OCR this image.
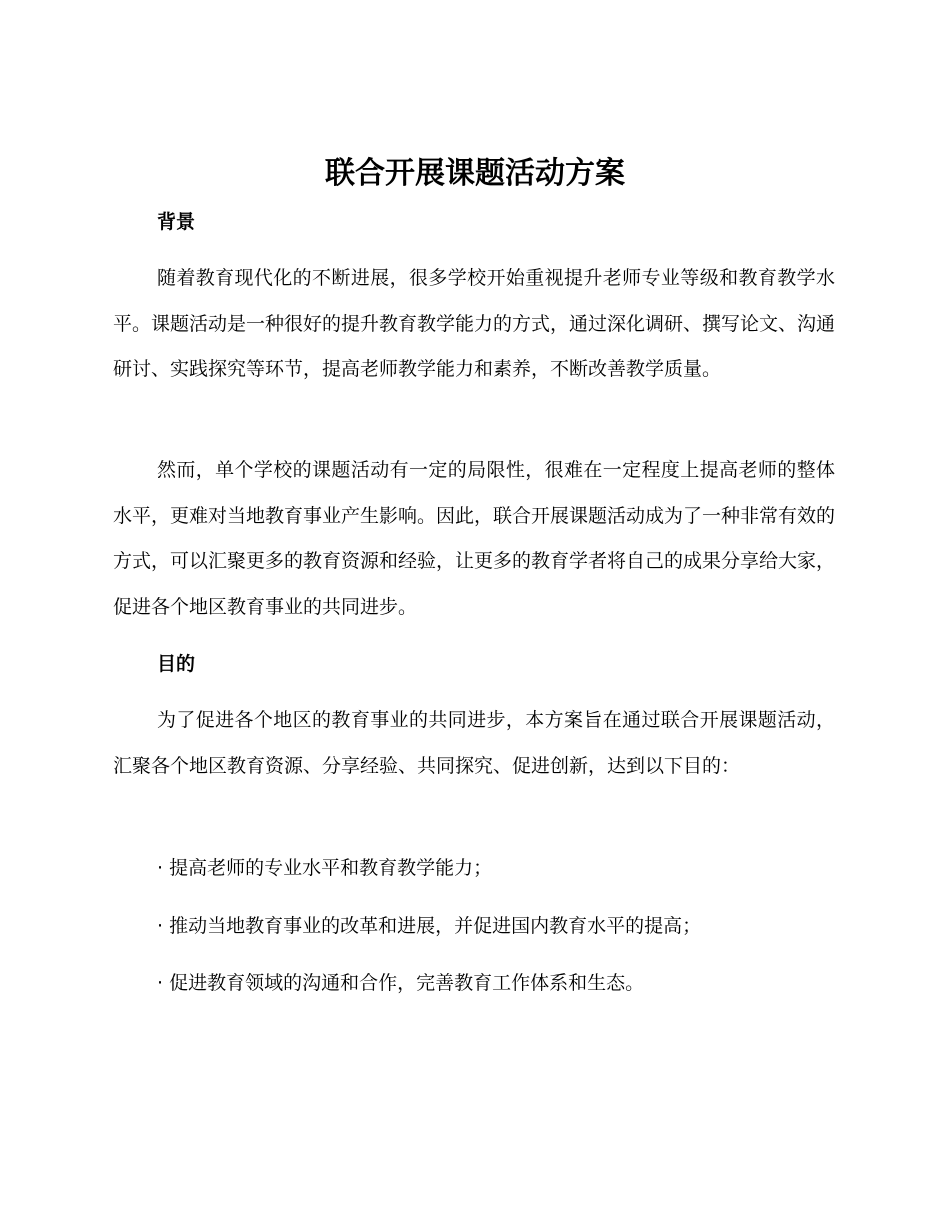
联合开展课题活动方案
背景

随着教育现代化的不断进展，很多学校开始重视提升老师专业等级和教育教学水平。课题活动是一种很好的提升教育教学能力的方式，通过深化调研、撰写论文、沟通研讨、实践探究等环节，提高老师教学能力和素养，不断改善教学质量。

然而，单个学校的课题活动有一定的局限性，很难在一定程度上提高老师的整体水平，更难对当地教育事业产生影响。因此，联合开展课题活动成为了一种非常有效的方式，可以汇聚更多的教育资源和经验，让更多的教育学者将自己的成果分享给大家，促进各个地区教育事业的共同进步。

目的

为了促进各个地区的教育事业的共同进步，本方案旨在通过联合开展课题活动，汇聚各个地区教育资源、分享经验、共同探究、促进创新，达到以下目的：

· 提高老师的专业水平和教育教学能力；

· 推动当地教育事业的改革和进展，并促进国内教育水平的提高；

· 促进教育领域的沟通和合作，完善教育工作体系和生态。
